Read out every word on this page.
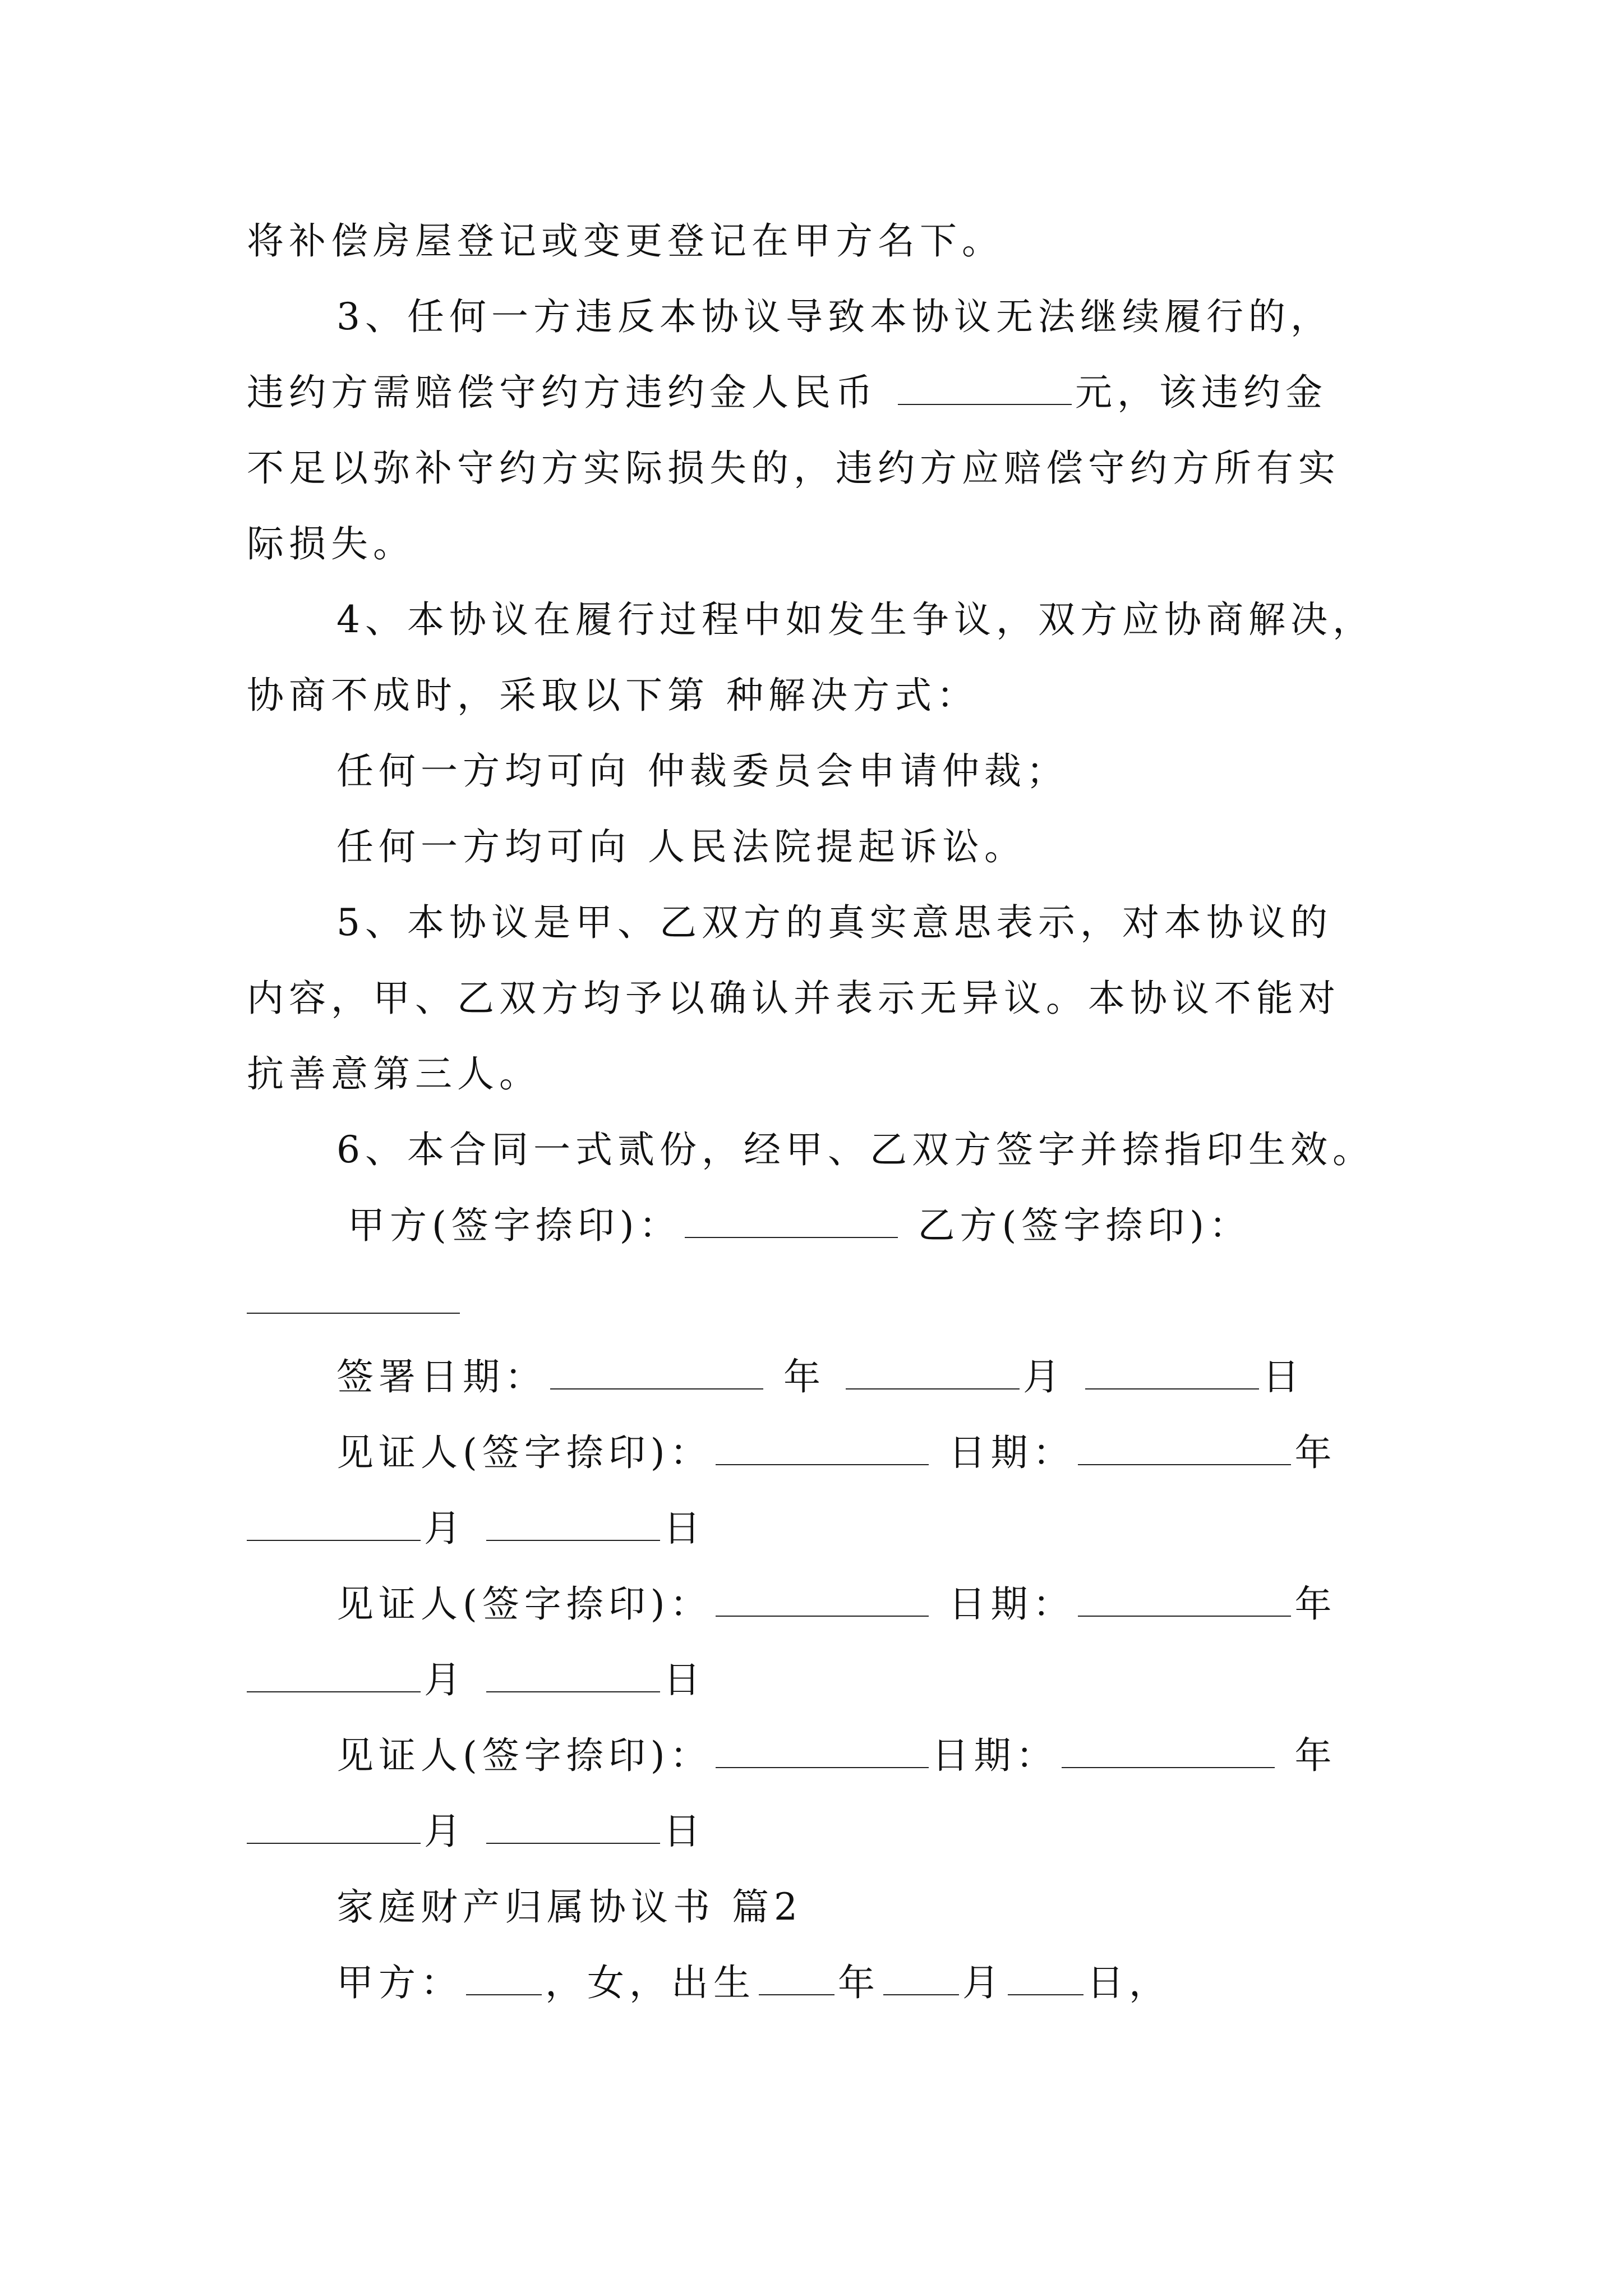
将补偿房屋登记或变更登记在甲方名下。
3、任何一方违反本协议导致本协议无法继续履行的，
违约方需赔偿守约方违约金人民币	元，该违约金
不足以弥补守约方实际损失的，违约方应赔偿守约方所有实
际损失。
4、本协议在履行过程中如发生争议，双方应协商解决，
协商不成时，采取以下第 种解决方式：
任何一方均可向 仲裁委员会申请仲裁；
任何一方均可向 人民法院提起诉讼。
5、本协议是甲、乙双方的真实意思表示，对本协议的
内容，甲、乙双方均予以确认并表示无异议。本协议不能对
抗善意第三人。
6、本合同一式贰份，经甲、乙双方签字并捺指印生效。
甲方(签字捺印)：	乙方(签字捺印)：
签署日期：	年	月	日
见证人(签字捺印)：	日期：	年
月	日
见证人(签字捺印)：	日期：	年
月	日
见证人(签字捺印)：	日期：	年
月	日
家庭财产归属协议书 篇2
甲方： ，女，出生 年 月 日，
